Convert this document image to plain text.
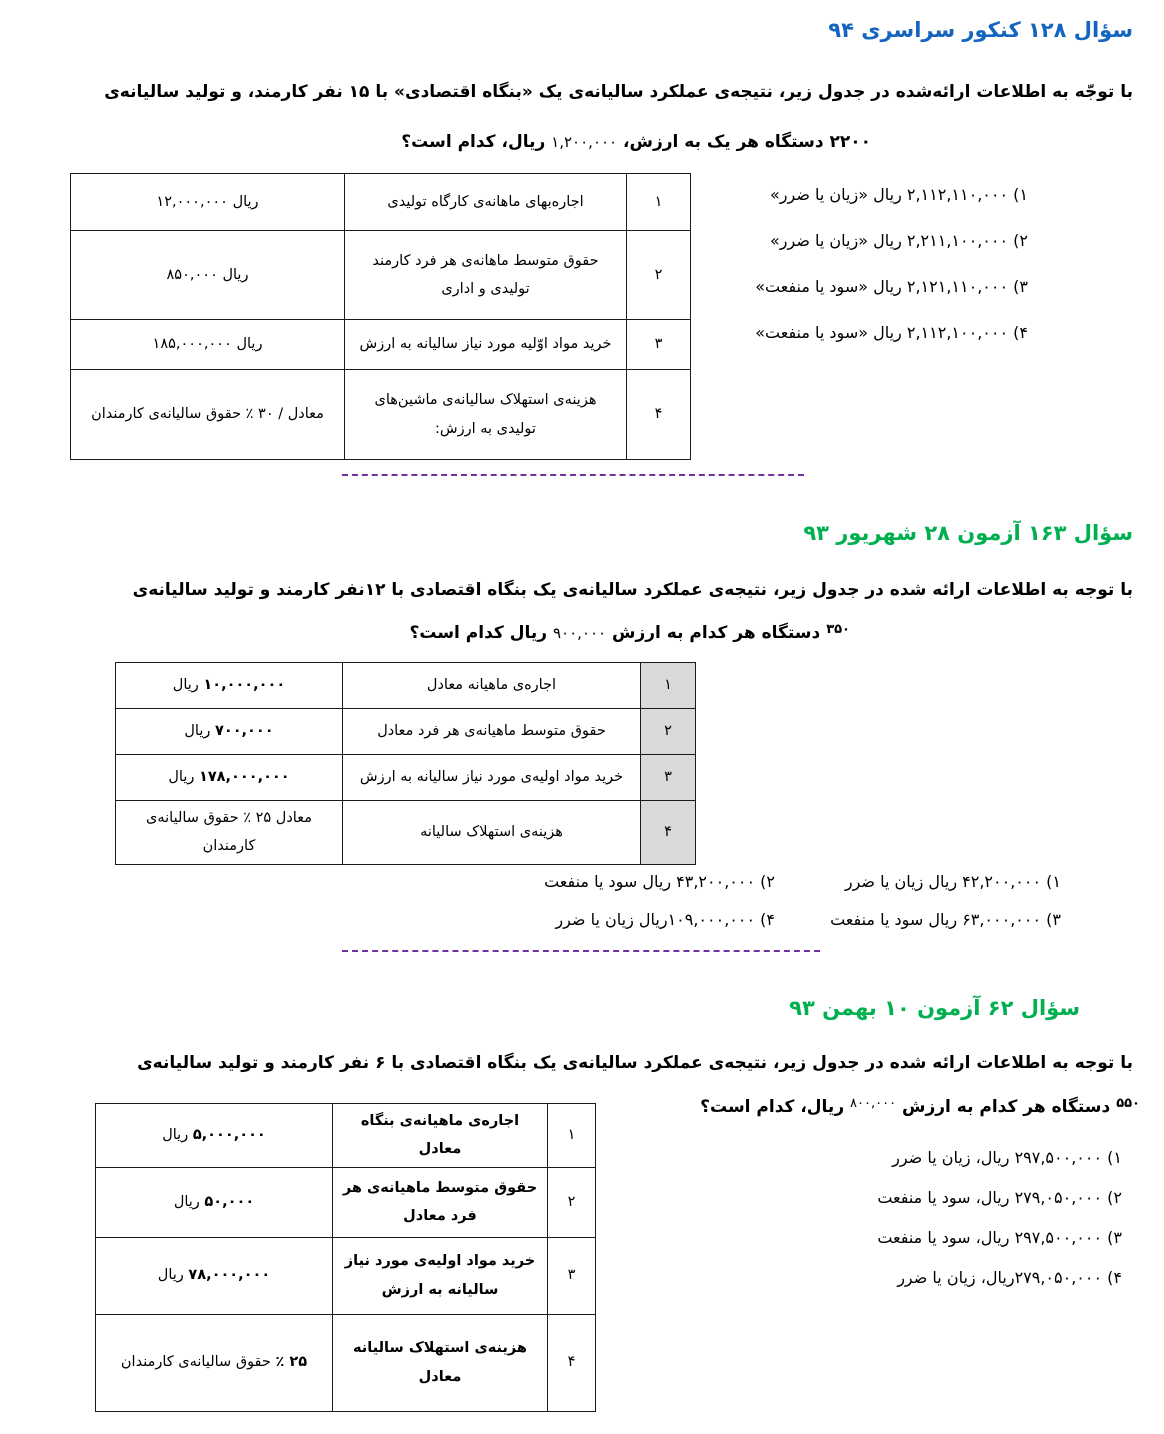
سؤال ۱۲۸ کنکور سراسری ۹۴
با توجّه به اطلاعات ارائه‌شده در جدول زیر، نتیجه‌ی عملکرد سالیانه‌ی یک «بنگاه اقتصادی» با ۱۵ نفر کارمند، و تولید سالیانه‌ی
۲۲۰۰ دستگاه هر یک به ارزش، ۱,۲۰۰,۰۰۰ ریال، کدام است؟
۱) ۲,۱۱۲,۱۱۰,۰۰۰ ریال «زیان یا ضرر»
۲) ۲,۲۱۱,۱۰۰,۰۰۰ ریال «زیان یا ضرر»
۳) ۲,۱۲۱,۱۱۰,۰۰۰ ریال «سود یا منفعت»
۴) ۲,۱۱۲,۱۰۰,۰۰۰ ریال «سود یا منفعت»
۱	اجاره‌بهای ماهانه‌ی کارگاه تولیدی	۱۲,۰۰۰,۰۰۰ ریال
۲	حقوق متوسط ماهانه‌ی هر فرد کارمند تولیدی و اداری	۸۵۰,۰۰۰ ریال
۳	خرید مواد اوّلیه مورد نیاز سالیانه به ارزش	۱۸۵,۰۰۰,۰۰۰ ریال
۴	هزینه‌ی استهلاک سالیانه‌ی ماشین‌های تولیدی به ارزش:	معادل / ۳۰ ٪ حقوق سالیانه‌ی کارمندان
سؤال ۱۶۳ آزمون ۲۸ شهریور ۹۳
با توجه به اطلاعات ارائه شده در جدول زیر، نتیجه‌ی عملکرد سالیانه‌ی یک بنگاه اقتصادی با ۱۲نفر کارمند و تولید سالیانه‌ی
$^{۳۵۰}$ دستگاه هر کدام به ارزش ۹۰۰,۰۰۰ ریال کدام است؟
۱	اجاره‌ی ماهیانه معادل	۱۰,۰۰۰,۰۰۰ ریال
۲	حقوق متوسط ماهیانه‌ی هر فرد معادل	۷۰۰,۰۰۰ ریال
۳	خرید مواد اولیه‌ی مورد نیاز سالیانه به ارزش	۱۷۸,۰۰۰,۰۰۰ ریال
۴	هزینه‌ی استهلاک سالیانه	معادل ۲۵ ٪ حقوق سالیانه‌ی کارمندان
۱) ۴۲,۲۰۰,۰۰۰ ریال زیان یا ضرر
۲) ۴۳,۲۰۰,۰۰۰ ریال سود یا منفعت
۳) ۶۳,۰۰۰,۰۰۰ ریال سود یا منفعت
۴) ۱۰۹,۰۰۰,۰۰۰ریال زیان یا ضرر
سؤال ۶۲ آزمون ۱۰ بهمن ۹۳
با توجه به اطلاعات ارائه شده در جدول زیر، نتیجه‌ی عملکرد سالیانه‌ی یک بنگاه اقتصادی با ۶ نفر کارمند و تولید سالیانه‌ی
$^{۵۵۰}$ دستگاه هر کدام به ارزش $^{۸۰۰,۰۰۰}$ ریال، کدام است؟
۱	اجاره‌ی ماهیانه‌ی بنگاه معادل	۵,۰۰۰,۰۰۰ ریال
۲	حقوق متوسط ماهیانه‌ی هر فرد معادل	۵۰,۰۰۰ ریال
۳	خرید مواد اولیه‌ی مورد نیاز سالیانه به ارزش	۷۸,۰۰۰,۰۰۰ ریال
۴	هزینه‌ی استهلاک سالیانه معادل	۲۵ ٪ حقوق سالیانه‌ی کارمندان
۱) ۲۹۷,۵۰۰,۰۰۰ ریال، زیان یا ضرر
۲) ۲۷۹,۰۵۰,۰۰۰ ریال، سود یا منفعت
۳) ۲۹۷,۵۰۰,۰۰۰ ریال، سود یا منفعت
۴) ۲۷۹,۰۵۰,۰۰۰ریال، زیان یا ضرر
